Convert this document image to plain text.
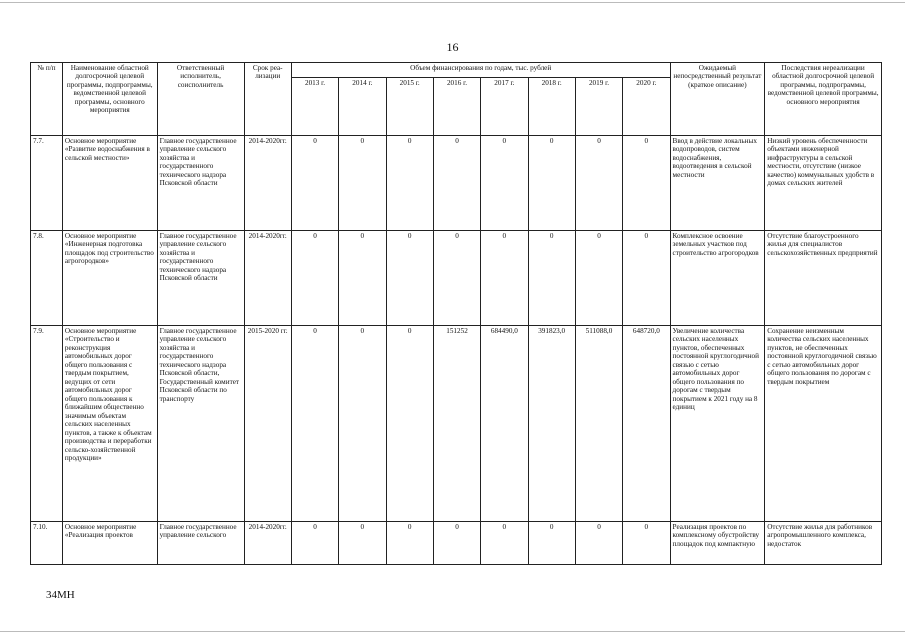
16
№ п/п	Наименование областной долгосрочной целевой программы, подпрограммы, ведомственной целевой программы, основного мероприятия	Ответственный исполнитель, соисполнитель	Срок реа-лизации	Объем финансирования по годам, тыс. рублей								Ожидаемый непосредственный результат (краткое описание)	Последствия нереализации областной долгосрочной целевой программы, подпрограммы, ведомственной целевой программы, основного мероприятия
				2013 г.	2014 г.	2015 г.	2016 г.	2017 г.	2018 г.	2019 г.	2020 г.		
7.7.	Основное мероприятие «Развитие водоснабжения в сельской местности»	Главное государственное управление сельского хозяйства и государственного технического надзора Псковской области	2014-2020гг.	0	0	0	0	0	0	0	0	Ввод в действие локальных водопроводов, систем водоснабжения, водоотведения в сельской местности	Низкий уровень обеспеченности объектами инженерной инфраструктуры в сельской местности, отсутствие (низкое качество) коммунальных удобств в домах сельских жителей
7.8.	Основное мероприятие «Инженерная подготовка площадок под строительство агрогородков»	Главное государственное управление сельского хозяйства и государственного технического надзора Псковской области	2014-2020гг.	0	0	0	0	0	0	0	0	Комплексное освоение земельных участков под строительство агрогородков	Отсутствие благоустроенного жилья для специалистов сельскохозяйственных предприятий
7.9.	Основное мероприятие «Строительство и реконструкция автомобильных дорог общего пользования с твердым покрытием, ведущих от сети автомобильных дорог общего пользования к ближайшим общественно значимым объектам сельских населенных пунктов, а также к объектам производства и переработки сельско-хозяйственной продукции»	Главное государственное управление сельского хозяйства и государственного технического надзора Псковской области, Государственный комитет Псковской области по транспорту	2015-2020 гг.	0	0	0	151252	684490,0	391823,0	511088,0	648720,0	Увеличение количества сельских населенных пунктов, обеспеченных постоянной круглогодичной связью с сетью автомобильных дорог общего пользования по дорогам с твердым покрытием к 2021 году на 8 единиц	Сохранение неизменным количества сельских населенных пунктов, не обеспеченных постоянной круглогодичной связью с сетью автомобильных дорог общего пользования по дорогам с твердым покрытием
7.10.	Основное мероприятие «Реализация проектов	Главное государственное управление сельского	2014-2020гг.	0	0	0	0	0	0	0	0	Реализация проектов по комплексному обустройству площадок под компактную	Отсутствие жилья для работников агропромышленного комплекса, недостаток
34МН
